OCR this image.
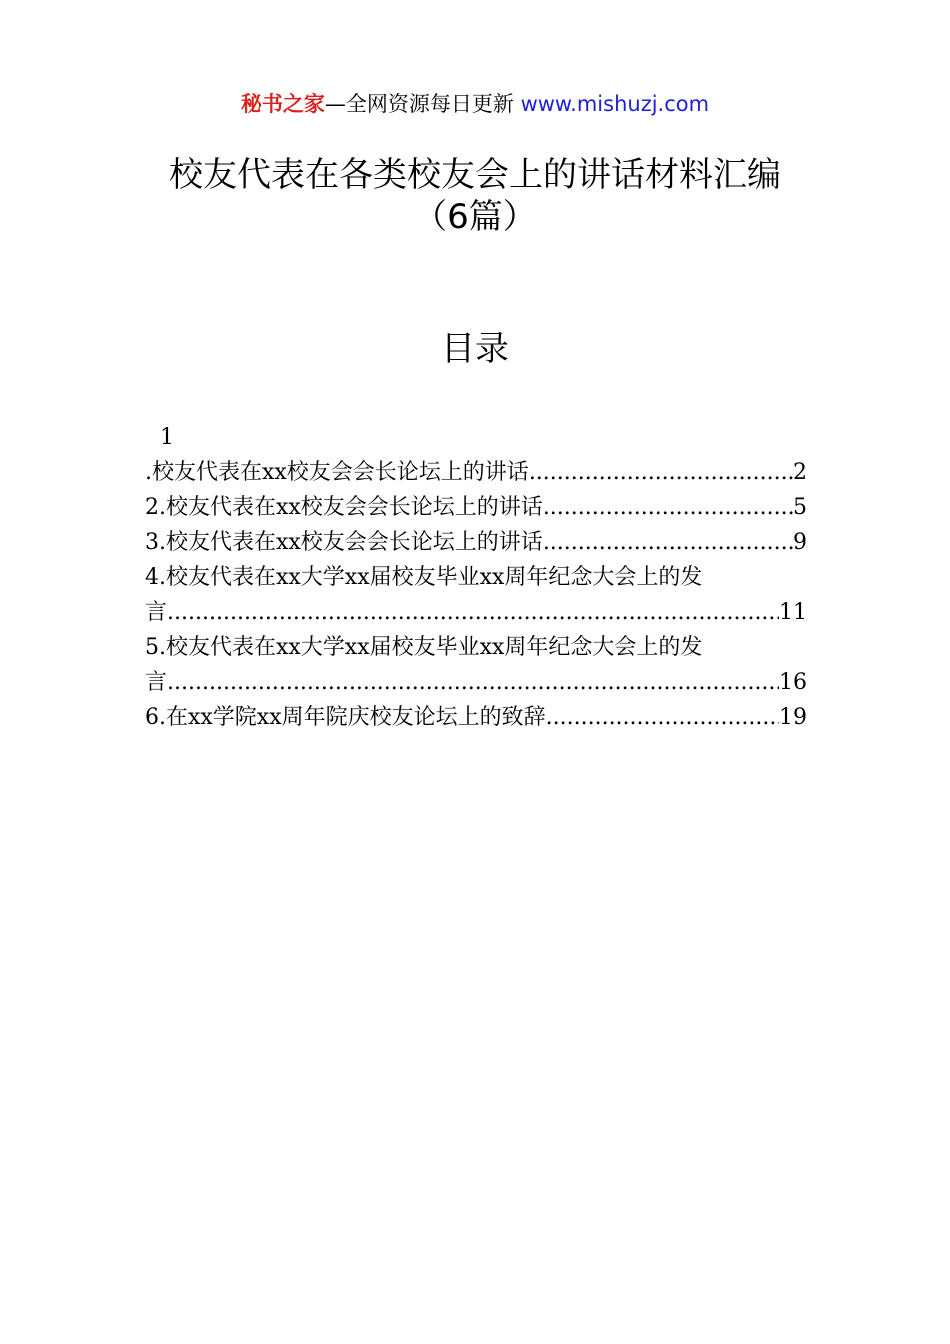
秘书之家—全网资源每日更新 www.mishuzj.com
校友代表在各类校友会上的讲话材料汇编
（6篇）
目录
1
.校友代表在xx校友会会长论坛上的讲话 .....	2
2.校友代表在xx校友会会长论坛上的讲话 .....	5
3.校友代表在xx校友会会长论坛上的讲话 .....	9
4.校友代表在xx大学xx届校友毕业xx周年纪念大会上的发
言 .....	11
5.校友代表在xx大学xx届校友毕业xx周年纪念大会上的发
言 .....	16
6.在xx学院xx周年院庆校友论坛上的致辞 .....	19
